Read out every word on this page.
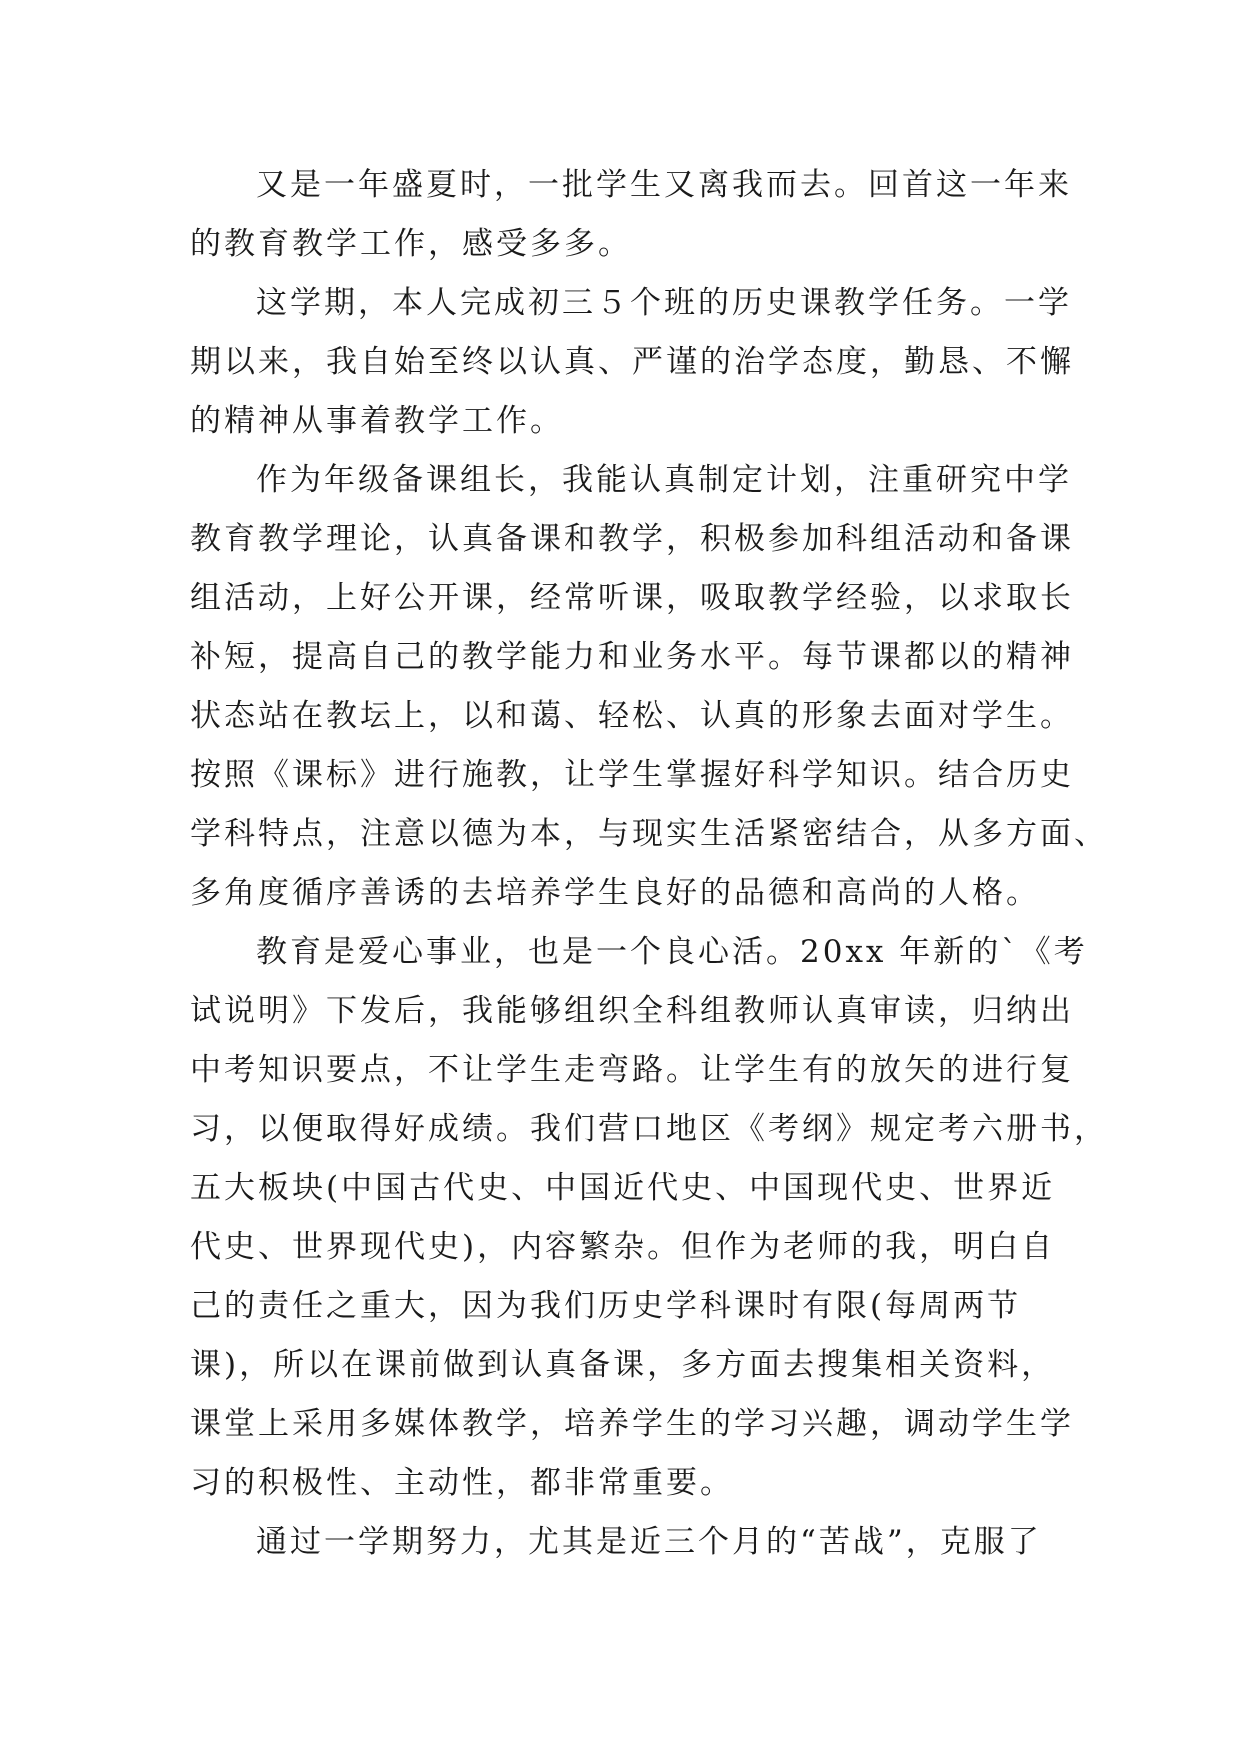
又是一年盛夏时，一批学生又离我而去。回首这一年来
的教育教学工作，感受多多。
这学期，本人完成初三５个班的历史课教学任务。一学
期以来，我自始至终以认真、严谨的治学态度，勤恳、不懈
的精神从事着教学工作。
作为年级备课组长，我能认真制定计划，注重研究中学
教育教学理论，认真备课和教学，积极参加科组活动和备课
组活动，上好公开课，经常听课，吸取教学经验，以求取长
补短，提高自己的教学能力和业务水平。每节课都以的精神
状态站在教坛上，以和蔼、轻松、认真的形象去面对学生。
按照《课标》进行施教，让学生掌握好科学知识。结合历史
学科特点，注意以德为本，与现实生活紧密结合，从多方面、
多角度循序善诱的去培养学生良好的品德和高尚的人格。
教育是爱心事业，也是一个良心活。20xx 年新的`《考
试说明》下发后，我能够组织全科组教师认真审读，归纳出
中考知识要点，不让学生走弯路。让学生有的放矢的进行复
习，以便取得好成绩。我们营口地区《考纲》规定考六册书，
五大板块(中国古代史、中国近代史、中国现代史、世界近
代史、世界现代史)，内容繁杂。但作为老师的我，明白自
己的责任之重大，因为我们历史学科课时有限(每周两节
课)，所以在课前做到认真备课，多方面去搜集相关资料，
课堂上采用多媒体教学，培养学生的学习兴趣，调动学生学
习的积极性、主动性，都非常重要。
通过一学期努力，尤其是近三个月的“苦战”，克服了
